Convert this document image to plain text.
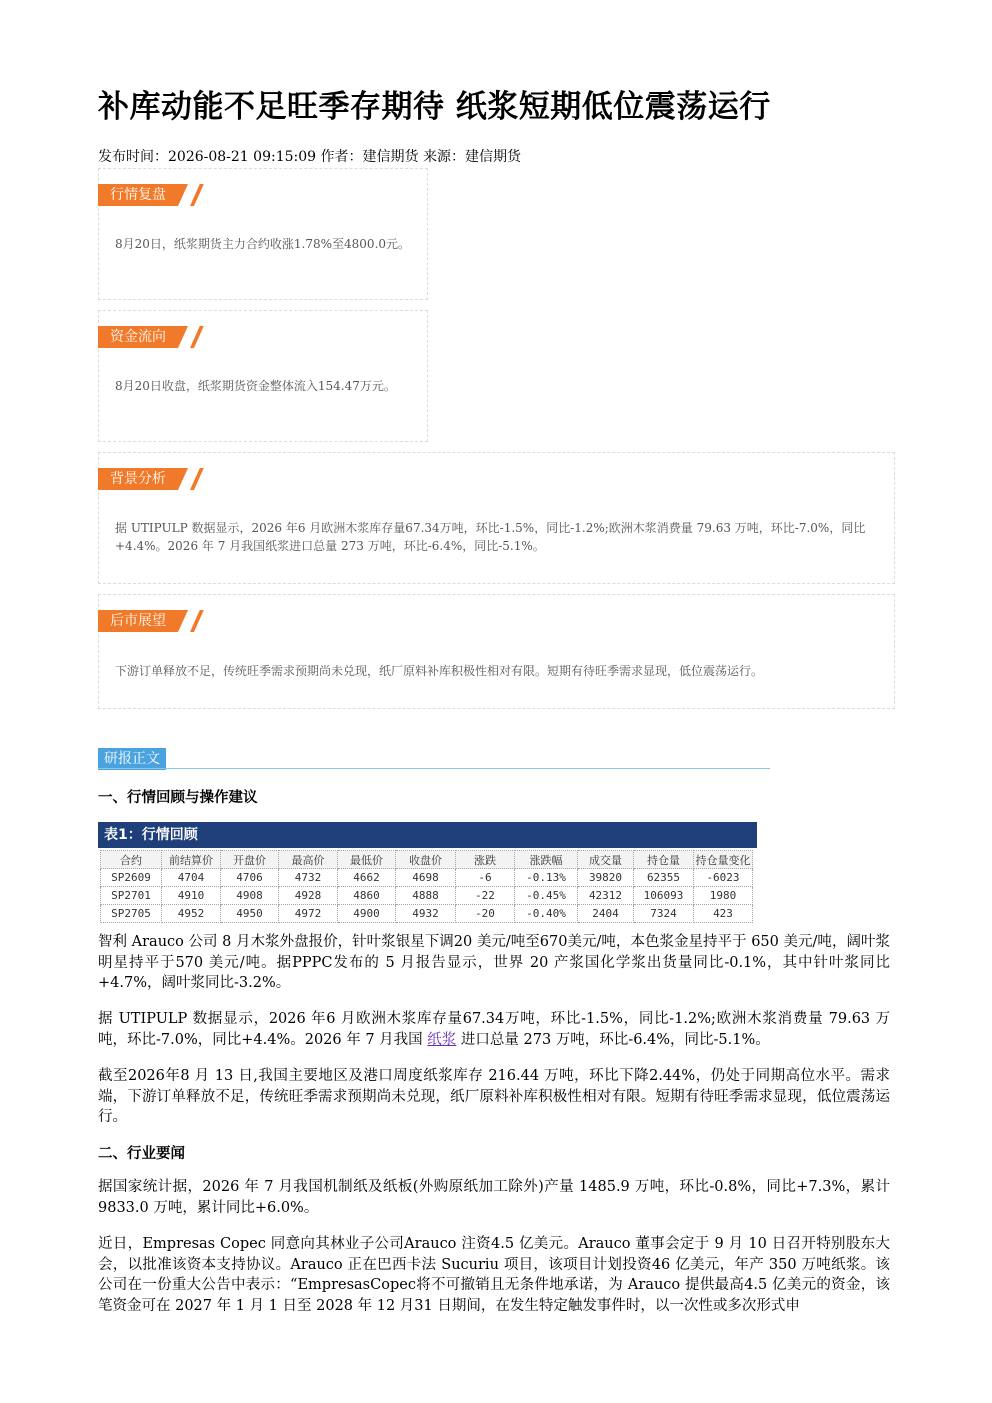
补库动能不足旺季存期待 纸浆短期低位震荡运行
发布时间：2026-08-21 09:15:09 作者：建信期货 来源：建信期货
行情复盘
8月20日，纸浆期货主力合约收涨1.78%至4800.0元。
资金流向
8月20日收盘，纸浆期货资金整体流入154.47万元。
背景分析
据 UTIPULP 数据显示，2026 年6 月欧洲木浆库存量67.34万吨，环比-1.5%，同比-1.2%;欧洲木浆消费量 79.63 万吨，环比-7.0%，同比+4.4%。2026 年 7 月我国纸浆进口总量 273 万吨，环比-6.4%，同比-5.1%。
后市展望
下游订单释放不足，传统旺季需求预期尚未兑现，纸厂原料补库积极性相对有限。短期有待旺季需求显现，低位震荡运行。
研报正文
一、行情回顾与操作建议
表1：行情回顾
合约	前结算价	开盘价	最高价	最低价	收盘价	涨跌	涨跌幅	成交量	持仓量	持仓量变化
SP2609	4704	4706	4732	4662	4698	-6	-0.13%	39820	62355	-6023
SP2701	4910	4908	4928	4860	4888	-22	-0.45%	42312	106093	1980
SP2705	4952	4950	4972	4900	4932	-20	-0.40%	2404	7324	423
智利 Arauco 公司 8 月木浆外盘报价，针叶浆银星下调20 美元/吨至670美元/吨，本色浆金星持平于 650 美元/吨，阔叶浆明星持平于570 美元/吨。据PPPC发布的 5 月报告显示，世界 20 产浆国化学浆出货量同比-0.1%，其中针叶浆同比+4.7%，阔叶浆同比-3.2%。
据 UTIPULP 数据显示，2026 年6 月欧洲木浆库存量67.34万吨，环比-1.5%，同比-1.2%;欧洲木浆消费量 79.63 万吨，环比-7.0%，同比+4.4%。2026 年 7 月我国 纸浆 进口总量 273 万吨，环比-6.4%，同比-5.1%。
截至2026年8 月 13 日,我国主要地区及港口周度纸浆库存 216.44 万吨，环比下降2.44%，仍处于同期高位水平。需求端，下游订单释放不足，传统旺季需求预期尚未兑现，纸厂原料补库积极性相对有限。短期有待旺季需求显现，低位震荡运行。
二、行业要闻
据国家统计据，2026 年 7 月我国机制纸及纸板(外购原纸加工除外)产量 1485.9 万吨，环比-0.8%，同比+7.3%，累计9833.0 万吨，累计同比+6.0%。
近日，Empresas Copec 同意向其林业子公司Arauco 注资4.5 亿美元。Arauco 董事会定于 9 月 10 日召开特别股东大会，以批准该资本支持协议。Arauco 正在巴西卡法 Sucuriu 项目，该项目计划投资46 亿美元，年产 350 万吨纸浆。该公司在一份重大公告中表示：“EmpresasCopec将不可撤销且无条件地承诺，为 Arauco 提供最高4.5 亿美元的资金，该笔资金可在 2027 年 1 月 1 日至 2028 年 12 月31 日期间，在发生特定触发事件时，以一次性或多次形式申
